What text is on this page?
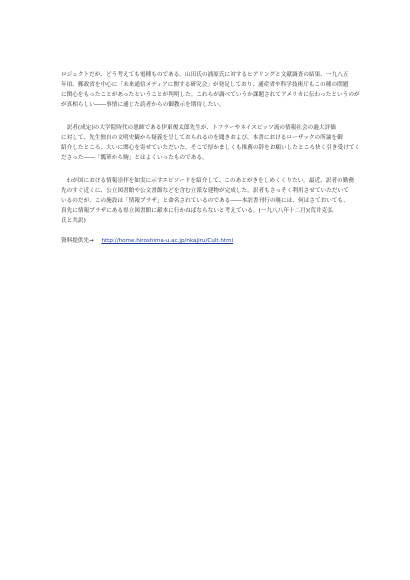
ロジェクトだが、どう考えても電種ものである。山田氏の浦原氏に対するヒアリングと文献調査の結果、一九八五
年頃、郵政省を中心に「未来通信メディアに関する研究会」が発足しており、通産省や科学技術庁もこの種の問題
に関心をもったことがあったということが判明した。これらが調べていうか課題されてアメリカに伝わったというのが
が真相らしい――事情に通じた読者からの御教示を期待したい。

　訳者(成定)の大学院時代の恩師である伊東俊太郎先生が、トフラーやネイスビッツ流の情報社会の過大評価
に対して、先生独自の文明史観から疑義を呈しておられるのを聞きおよび、本書におけるローザックの所論を御
紹介したところ、大いに関心を寄せていただいた。そこで厚かましくも推薦の辞をお願いしたところ快く引き受けてく
ださった――「瓢箪から駒」とはよくいったものである。

　わが国における情報崇拝を如実に示すエピソードを紹介して、このあとがきをしめくくりたい。最近、訳者の勤務
先のすぐ近くに、公立図書館や公文書館などを含む立派な建物が完成した。訳者もさっそく利用させていただいて
いるのだが、この施設は「情報プラザ」と命名されているのである――本訳書刊行の暁には、何はさておいても、
真先に情報プラザにある県立図書館に献本に行かねばならないと考えている。(一九八八年十二月)(荒井克弘
氏と共訳)

資料提供先→ http://home.hiroshima-u.ac.jp/nkajiru/Cult.html
